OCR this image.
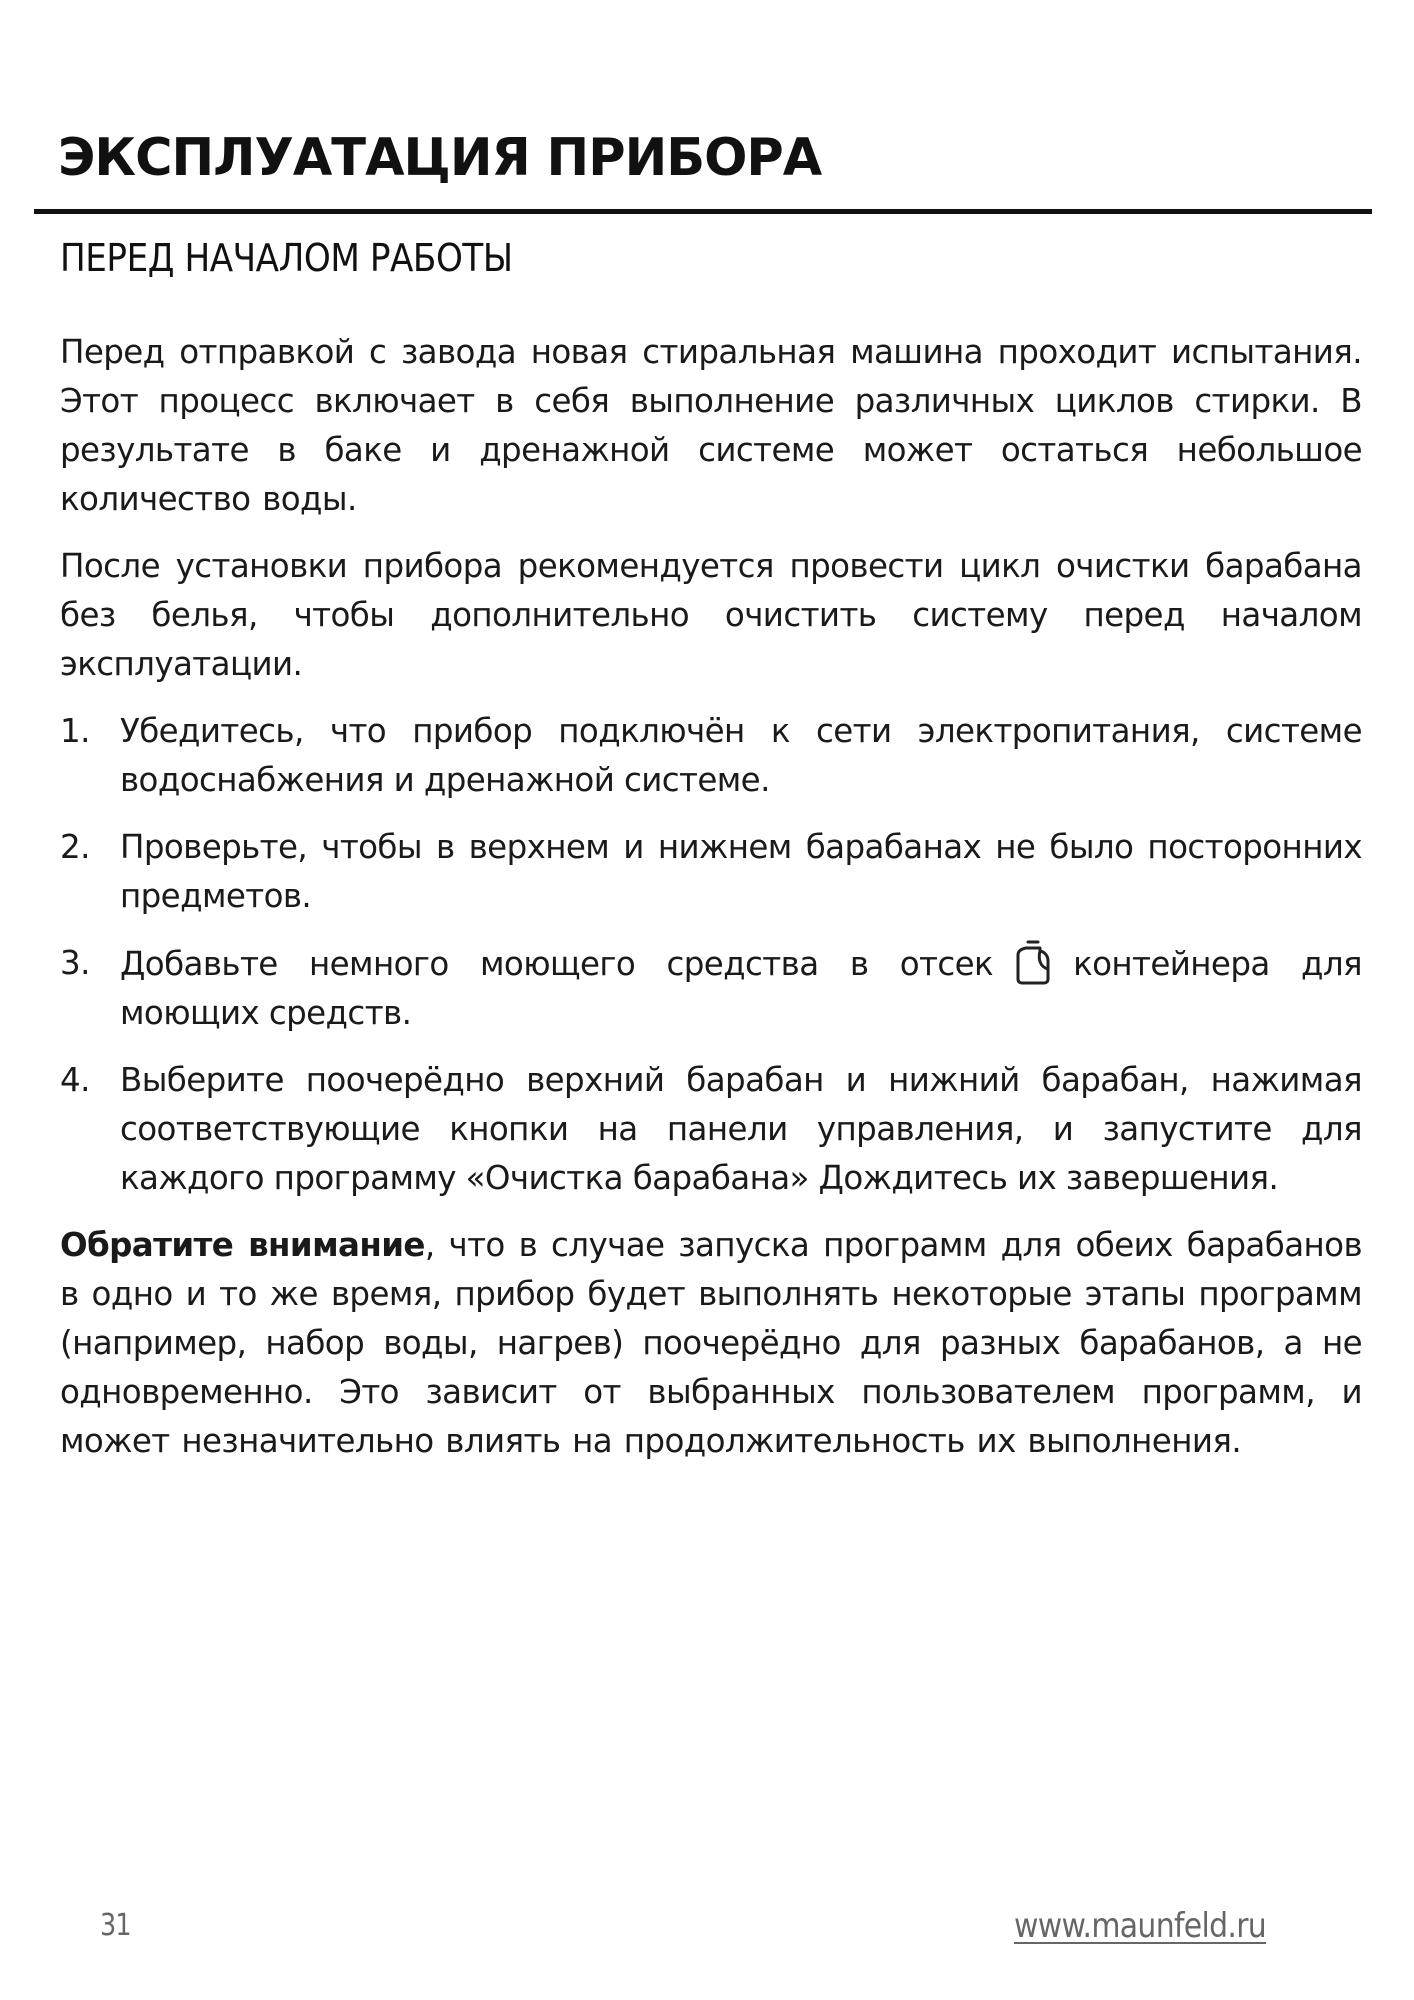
ЭКСПЛУАТАЦИЯ ПРИБОРА
ПЕРЕД НАЧАЛОМ РАБОТЫ

Перед отправкой с завода новая стиральная машина проходит испытания. Этот процесс включает в себя выполнение различных циклов стирки. В результате в баке и дренажной системе может остаться небольшое количество воды.

После установки прибора рекомендуется провести цикл очистки барабана без белья, чтобы дополнительно очистить систему перед началом эксплуатации.

1. Убедитесь, что прибор подключён к сети электропитания, системе водоснабжения и дренажной системе.
2. Проверьте, чтобы в верхнем и нижнем барабанах не было посторонних предметов.
3. Добавьте немного моющего средства в отсек контейнера для моющих средств.
4. Выберите поочерёдно верхний барабан и нижний барабан, нажимая соответствующие кнопки на панели управления, и запустите для каждого программу «Очистка барабана» Дождитесь их завершения.

Обратите внимание, что в случае запуска программ для обеих барабанов в одно и то же время, прибор будет выполнять некоторые этапы программ (например, набор воды, нагрев) поочерёдно для разных барабанов, а не одновременно. Это зависит от выбранных пользователем программ, и может незначительно влиять на продолжительность их выполнения.

31	www.maunfeld.ru
